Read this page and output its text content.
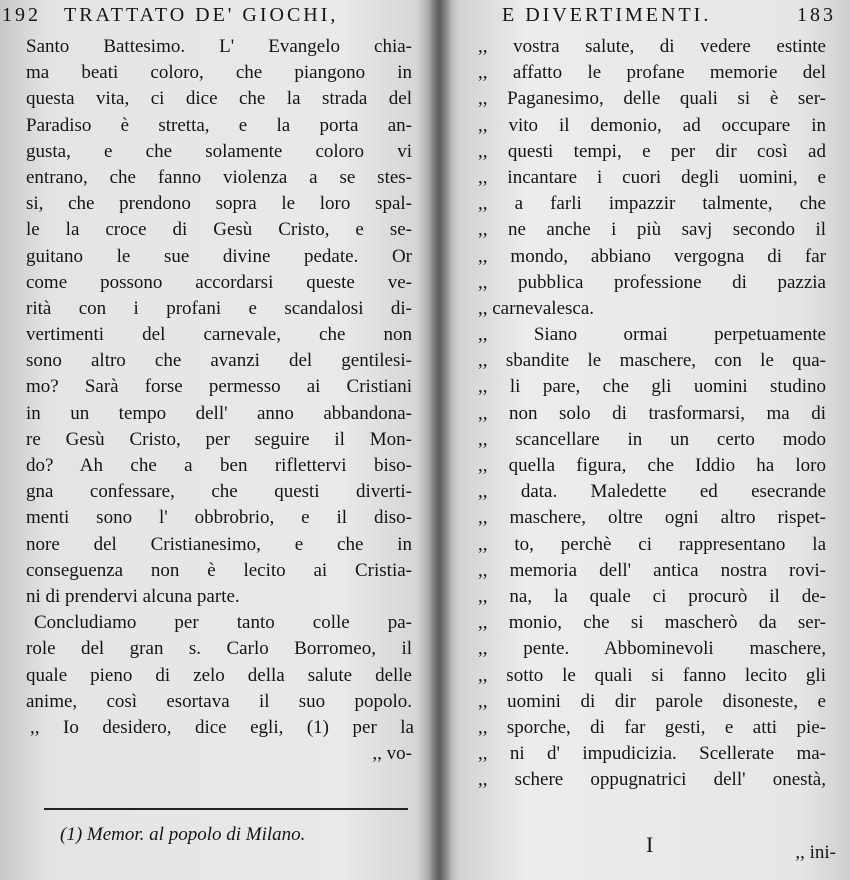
192 TRATTATO DE' GIOCHI,
Santo Battesimo. L' Evangelo chia-
ma beati coloro, che piangono in
questa vita, ci dice che la strada del
Paradiso è stretta, e la porta an-
gusta, e che solamente coloro vi
entrano, che fanno violenza a se stes-
si, che prendono sopra le loro spal-
le la croce di Gesù Cristo, e se-
guitano le sue divine pedate. Or
come possono accordarsi queste ve-
rità con i profani e scandalosi di-
vertimenti del carnevale, che non
sono altro che avanzi del gentilesi-
mo? Sarà forse permesso ai Cristiani
in un tempo dell' anno abbandona-
re Gesù Cristo, per seguire il Mon-
do? Ah che a ben riflettervi biso-
gna confessare, che questi diverti-
menti sono l' obbrobrio, e il diso-
nore del Cristianesimo, e che in
conseguenza non è lecito ai Cristia-
ni di prendervi alcuna parte.
Concludiamo per tanto colle pa-
role del gran s. Carlo Borromeo, il
quale pieno di zelo della salute delle
anime, così esortava il suo popolo.
,, Io desidero, dice egli, (1) per la
,, vo-
(1) Memor. al popolo di Milano.
E DIVERTIMENTI.	183
,, vostra salute, di vedere estinte
,, affatto le profane memorie del
,, Paganesimo, delle quali si è ser-
,, vito il demonio, ad occupare in
,, questi tempi, e per dir così ad
,, incantare i cuori degli uomini, e
,, a farli impazzir talmente, che
,, ne anche i più savj secondo il
,, mondo, abbiano vergogna di far
,, pubblica professione di pazzia
,, carnevalesca.
,, Siano ormai perpetuamente
,, sbandite le maschere, con le qua-
,, li pare, che gli uomini studino
,, non solo di trasformarsi, ma di
,, scancellare in un certo modo
,, quella figura, che Iddio ha loro
,, data. Maledette ed esecrande
,, maschere, oltre ogni altro rispet-
,, to, perchè ci rappresentano la
,, memoria dell' antica nostra rovi-
,, na, la quale ci procurò il de-
,, monio, che si mascherò da ser-
,, pente. Abbominevoli maschere,
,, sotto le quali si fanno lecito gli
,, uomini di dir parole disoneste, e
,, sporche, di far gesti, e atti pie-
,, ni d' impudicizia. Scellerate ma-
,, schere oppugnatrici dell' onestà,
I	,, ini-
